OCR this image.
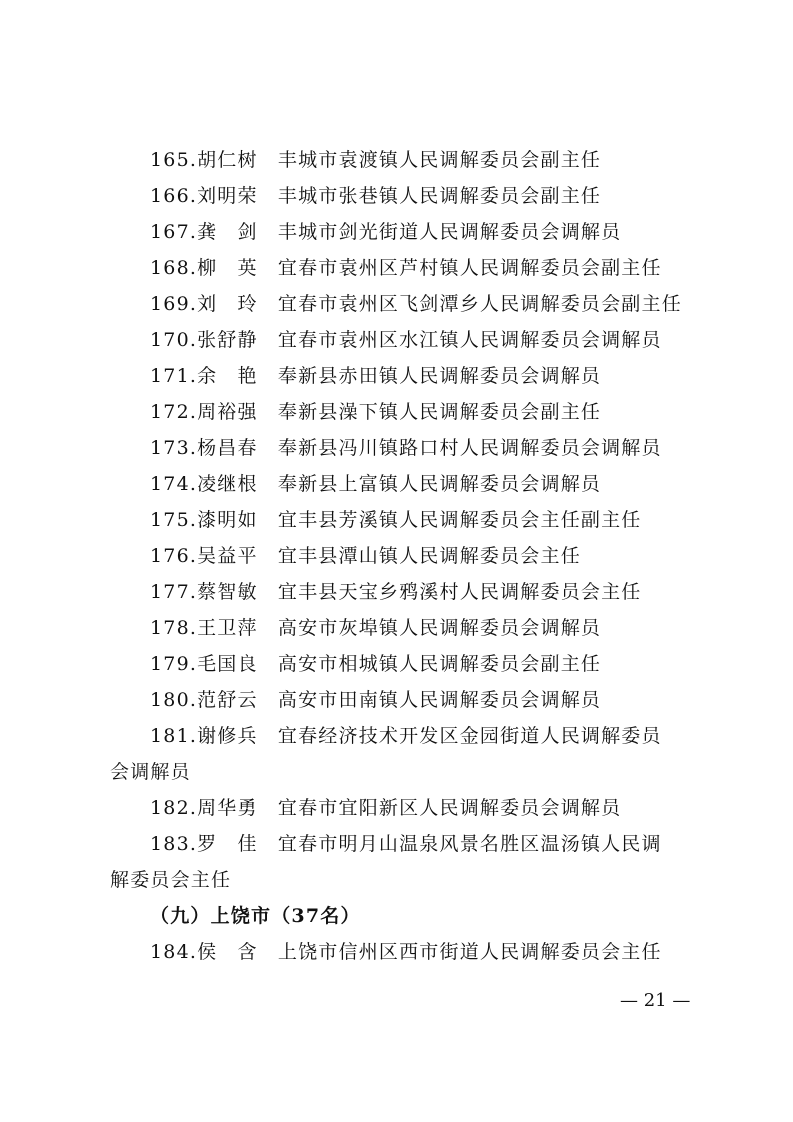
165.胡仁树　丰城市袁渡镇人民调解委员会副主任
166.刘明荣　丰城市张巷镇人民调解委员会副主任
167.龚　剑　丰城市剑光街道人民调解委员会调解员
168.柳　英　宜春市袁州区芦村镇人民调解委员会副主任
169.刘　玲　宜春市袁州区飞剑潭乡人民调解委员会副主任
170.张舒静　宜春市袁州区水江镇人民调解委员会调解员
171.余　艳　奉新县赤田镇人民调解委员会调解员
172.周裕强　奉新县澡下镇人民调解委员会副主任
173.杨昌春　奉新县冯川镇路口村人民调解委员会调解员
174.凌继根　奉新县上富镇人民调解委员会调解员
175.漆明如　宜丰县芳溪镇人民调解委员会主任副主任
176.吴益平　宜丰县潭山镇人民调解委员会主任
177.蔡智敏　宜丰县天宝乡鸦溪村人民调解委员会主任
178.王卫萍　高安市灰埠镇人民调解委员会调解员
179.毛国良　高安市相城镇人民调解委员会副主任
180.范舒云　高安市田南镇人民调解委员会调解员
181.谢修兵　宜春经济技术开发区金园街道人民调解委员
会调解员
182.周华勇　宜春市宜阳新区人民调解委员会调解员
183.罗　佳　宜春市明月山温泉风景名胜区温汤镇人民调
解委员会主任
（九）上饶市（37名）
184.侯　含　上饶市信州区西市街道人民调解委员会主任
— 21 —
